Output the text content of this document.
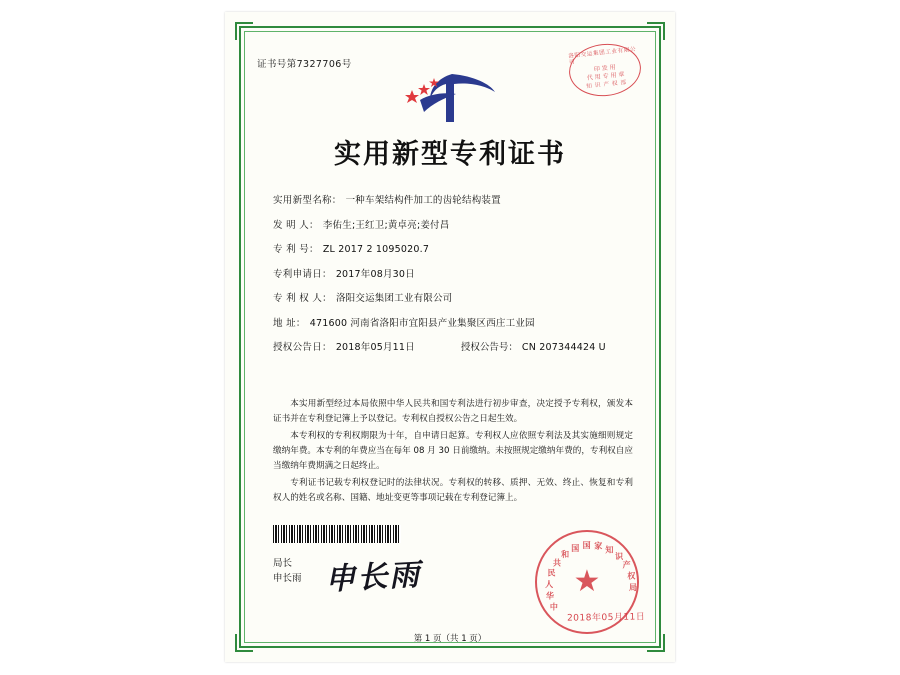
证书号第7327706号
洛阳交运集团工业有限公司
印 发 用
代 用 专 用 章
知 识 产 权 部
实用新型专利证书
实用新型名称： 一种车架结构件加工的齿轮结构装置
发 明 人： 李佑生;王红卫;黄卓亮;姜付昌
专 利 号： ZL 2017 2 1095020.7
专利申请日： 2017年08月30日
专 利 权 人： 洛阳交运集团工业有限公司
地 址： 471600 河南省洛阳市宜阳县产业集聚区西庄工业园
授权公告日： 2018年05月11日	授权公告号： CN 207344424 U

本实用新型经过本局依照中华人民共和国专利法进行初步审查，决定授予专利权，颁发本证书并在专利登记簿上予以登记。专利权自授权公告之日起生效。

本专利权的专利权期限为十年，自申请日起算。专利权人应依照专利法及其实施细则规定缴纳年费。本专利的年费应当在每年 08 月 30 日前缴纳。未按照规定缴纳年费的，专利权自应当缴纳年费期满之日起终止。

专利证书记载专利权登记时的法律状况。专利权的转移、质押、无效、终止、恢复和专利权人的姓名或名称、国籍、地址变更等事项记载在专利登记簿上。

局长
申长雨 申长雨
中
华
人
民
共
和
国 国 家 知
识
产
权
局
★
2018年05月11日
第 1 页（共 1 页）
